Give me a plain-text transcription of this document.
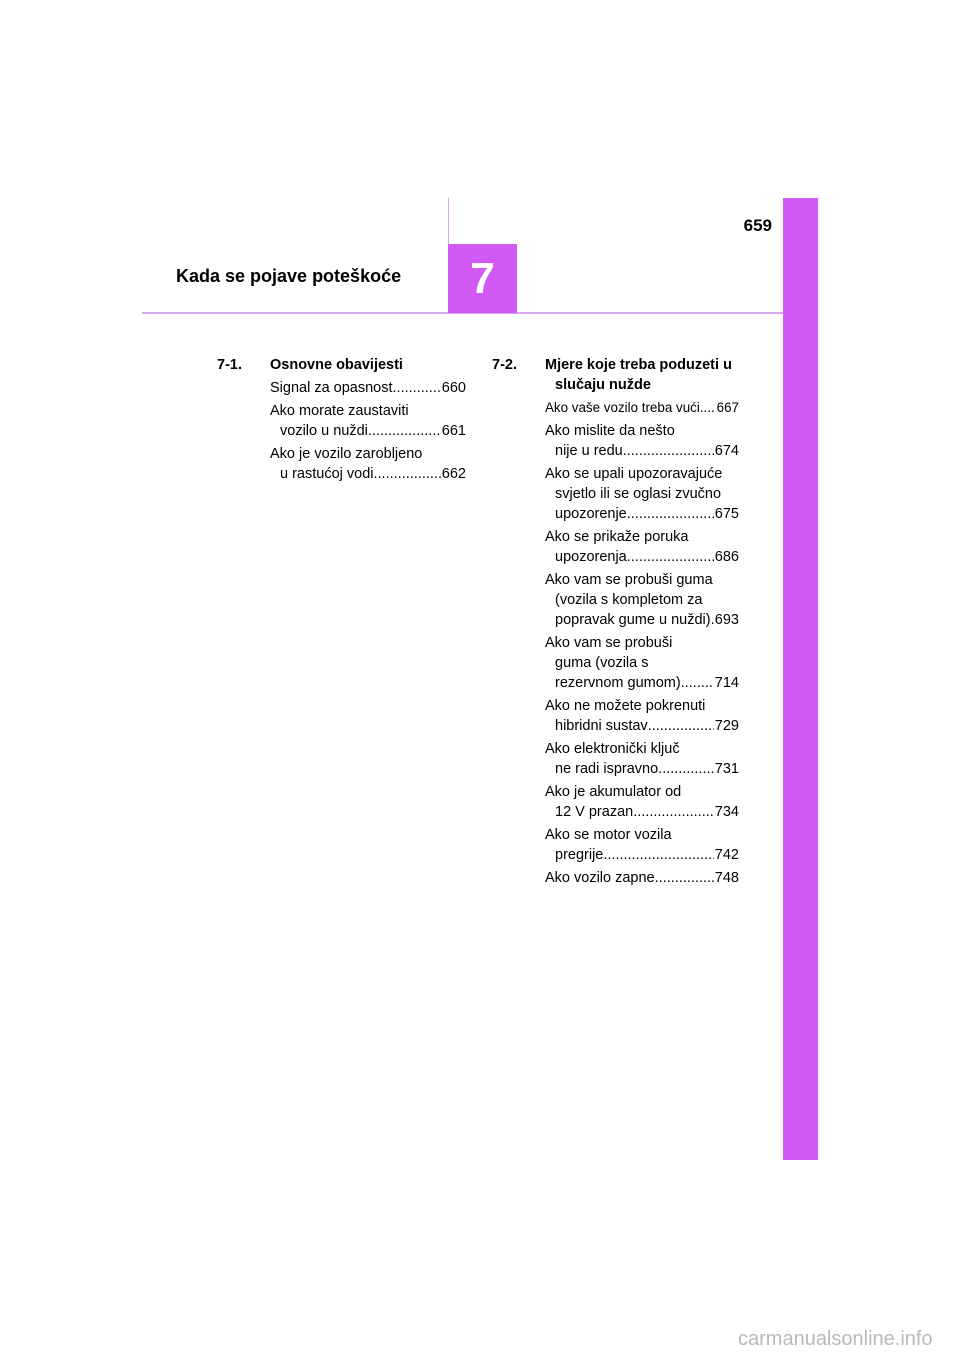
7
659
Kada se pojave poteškoće
7-1.	Osnovne obavijesti
Signal za opasnost .....	660
Ako morate zaustaviti
vozilo u nuždi .....	661
Ako je vozilo zarobljeno
u rastućoj vodi .....	662
7-2.	Mjere koje treba poduzeti u
slučaju nužde
Ako vaše vozilo treba vući ..... 667
Ako mislite da nešto
nije u redu .....	674
Ako se upali upozoravajuće
svjetlo ili se oglasi zvučno
upozorenje .....	675
Ako se prikaže poruka
upozorenja .....	686
Ako vam se probuši guma
(vozila s kompletom za
popravak gume u nuždi) ..... 693
Ako vam se probuši
guma (vozila s
rezervnom gumom) ..... 714
Ako ne možete pokrenuti
hibridni sustav .....	729
Ako elektronički ključ
ne radi ispravno .....	731
Ako je akumulator od
12 V prazan .....	734
Ako se motor vozila
pregrije .....	742
Ako vozilo zapne .....	748
carmanualsonline.info
